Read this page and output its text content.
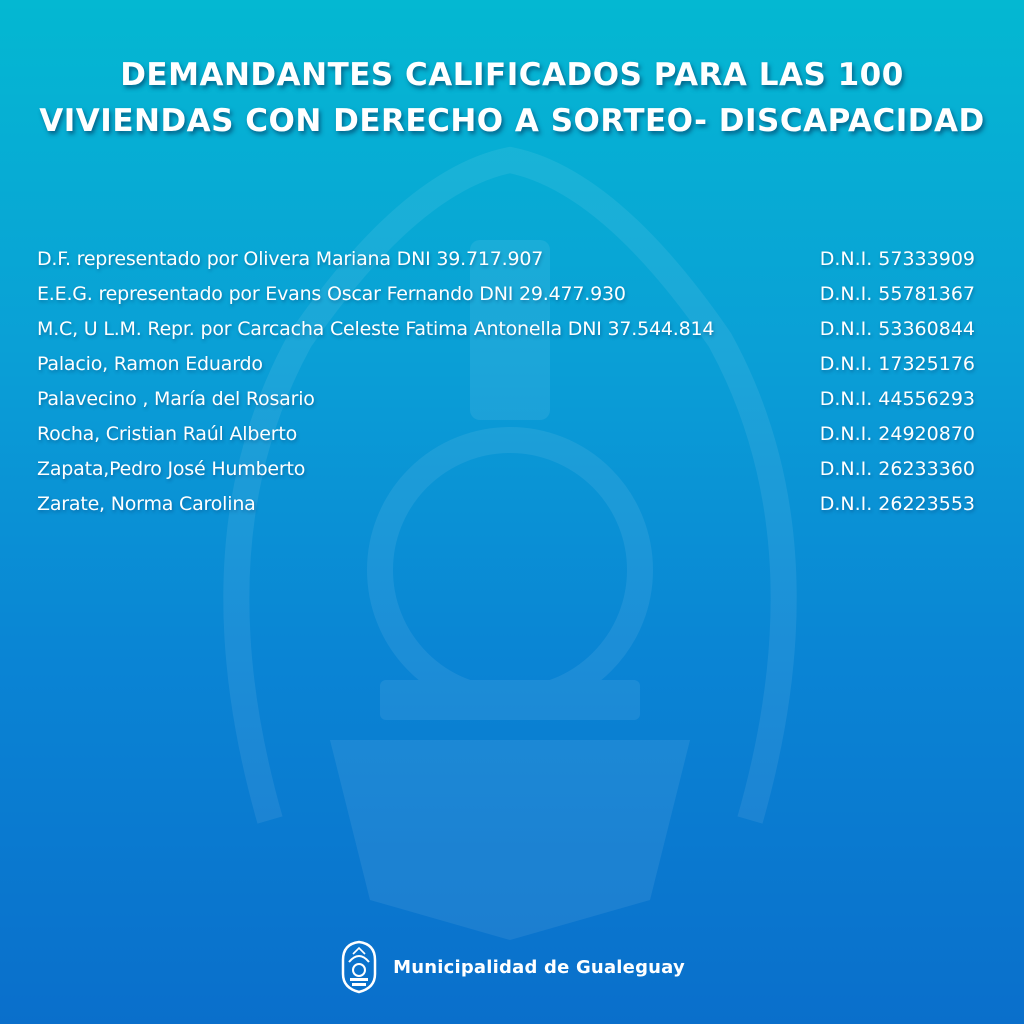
DEMANDANTES CALIFICADOS PARA LAS 100
VIVIENDAS CON DERECHO A SORTEO- DISCAPACIDAD
D.F. representado por Olivera Mariana DNI 39.717.907	D.N.I. 57333909
E.E.G. representado por Evans Oscar Fernando DNI 29.477.930	D.N.I. 55781367
M.C, U L.M. Repr. por Carcacha Celeste Fatima Antonella DNI 37.544.814	D.N.I. 53360844
Palacio, Ramon Eduardo	D.N.I. 17325176
Palavecino , María del Rosario	D.N.I. 44556293
Rocha, Cristian Raúl Alberto	D.N.I. 24920870
Zapata,Pedro José Humberto	D.N.I. 26233360
Zarate, Norma Carolina	D.N.I. 26223553
Municipalidad de Gualeguay
